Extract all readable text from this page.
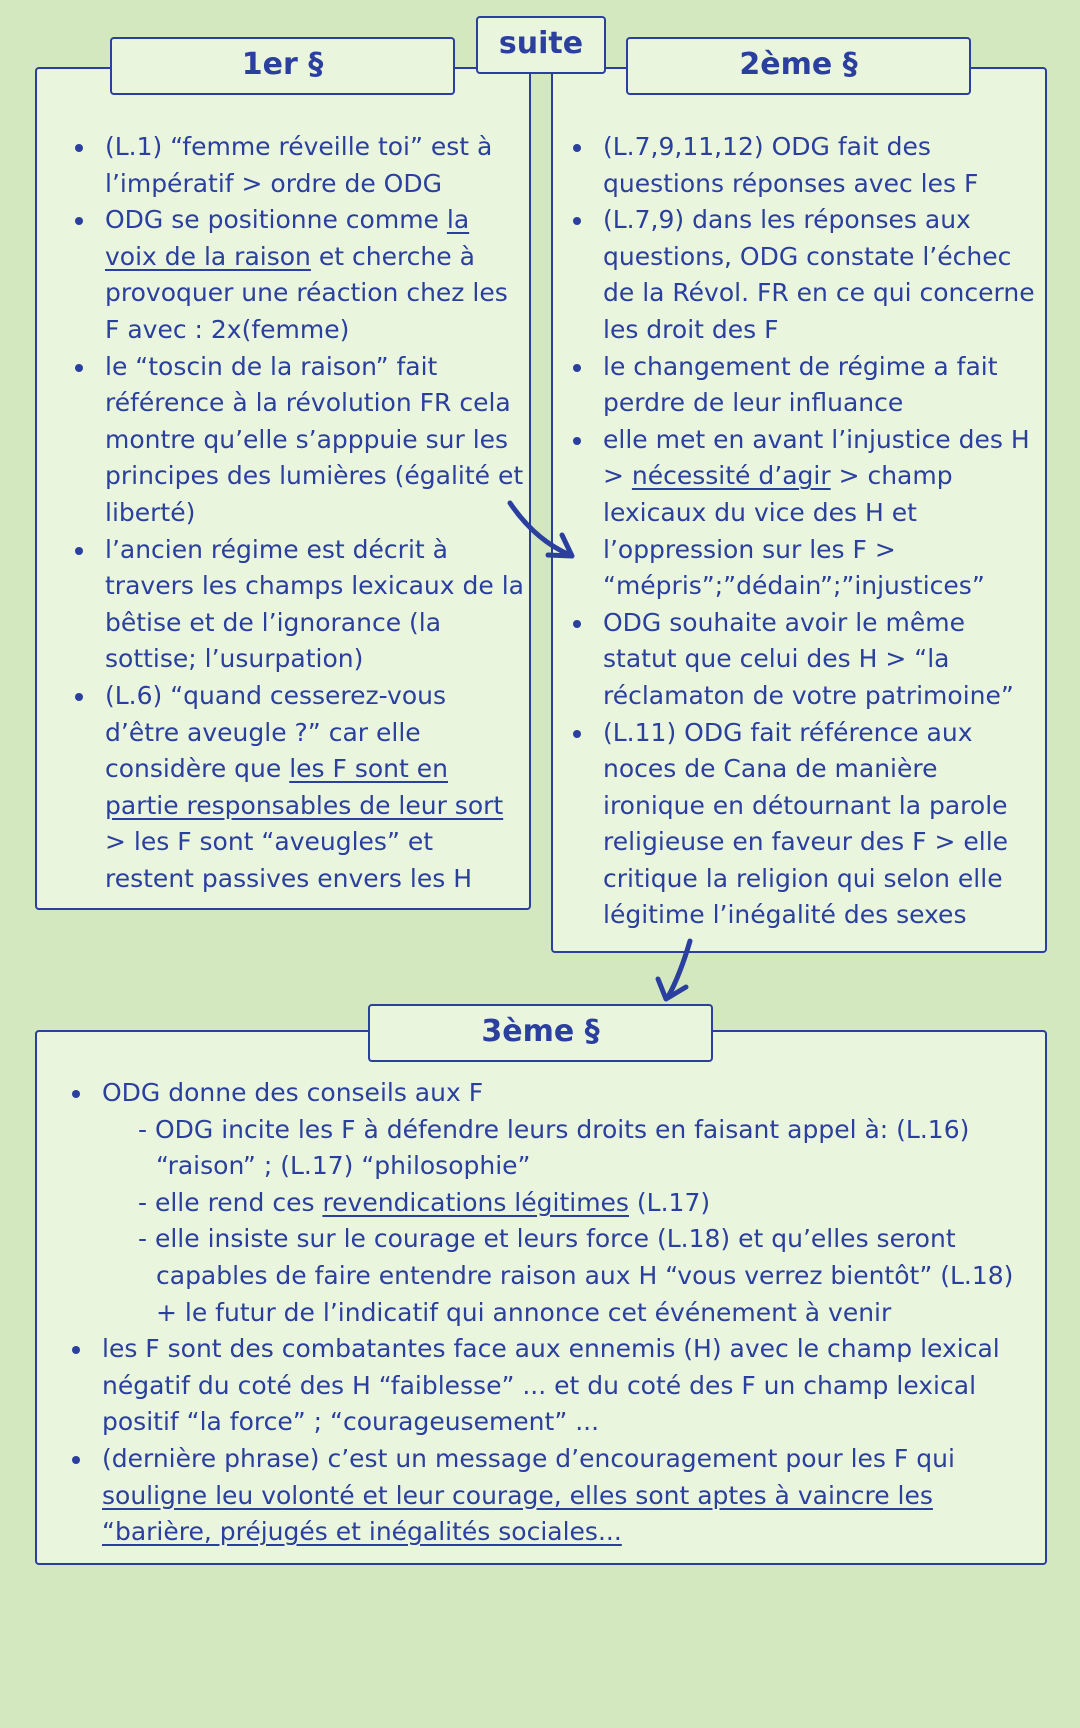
(L.1) “femme réveille toi” est à l’impératif > ordre de ODG
ODG se positionne comme la voix de la raison et cherche à provoquer une réaction chez les F avec : 2x(femme)
le “toscin de la raison” fait référence à la révolution FR cela montre qu’elle s’apppuie sur les principes des lumières (égalité et liberté)
l’ancien régime est décrit à travers les champs lexicaux de la bêtise et de l’ignorance (la sottise; l’usurpation)
(L.6) “quand cesserez-vous d’être aveugle ?” car elle considère que les F sont en partie responsables de leur sort > les F sont “aveugles” et restent passives envers les H
(L.7,9,11,12) ODG fait des questions réponses avec les F
(L.7,9) dans les réponses aux questions, ODG constate l’échec de la Révol. FR en ce qui concerne les droit des F
le changement de régime a fait perdre de leur influance
elle met en avant l’injustice des H > nécessité d’agir > champ lexicaux du vice des H et l’oppression sur les F > “mépris”;”dédain”;”injustices”
ODG souhaite avoir le même statut que celui des H > “la réclamaton de votre patrimoine”
(L.11) ODG fait référence aux noces de Cana de manière ironique en détournant la parole religieuse en faveur des F > elle critique la religion qui selon elle légitime l’inégalité des sexes
ODG donne des conseils aux F
- ODG incite les F à défendre leurs droits en faisant appel à: (L.16) “raison” ; (L.17) “philosophie”
- elle rend ces revendications légitimes (L.17)
- elle insiste sur le courage et leurs force (L.18) et qu’elles seront capables de faire entendre raison aux H “vous verrez bientôt” (L.18) + le futur de l’indicatif qui annonce cet événement à venir
les F sont des combatantes face aux ennemis (H) avec le champ lexical négatif du coté des H “faiblesse” ... et du coté des F un champ lexical positif “la force” ; “courageusement” ...
(dernière phrase) c’est un message d’encouragement pour les F qui souligne leu volonté et leur courage, elles sont aptes à vaincre les “barière, préjugés et inégalités sociales...
suite
1er §	2ème §
3ème §
